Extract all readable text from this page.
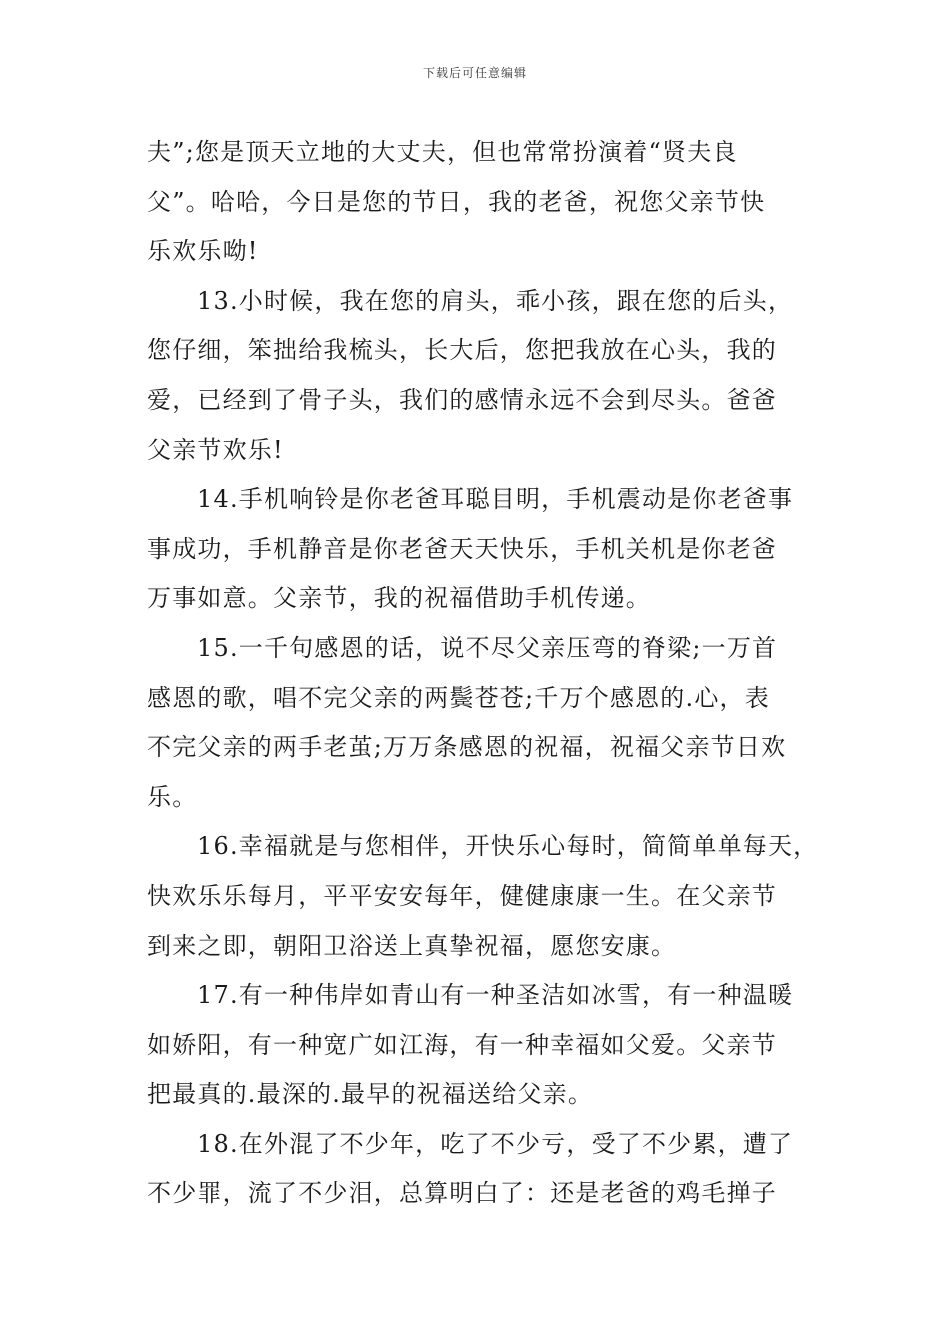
下载后可任意编辑
夫”;您是顶天立地的大丈夫，但也常常扮演着“贤夫良
父”。哈哈，今日是您的节日，我的老爸，祝您父亲节快
乐欢乐呦!
13.小时候，我在您的肩头，乖小孩，跟在您的后头，
您仔细，笨拙给我梳头，长大后，您把我放在心头，我的
爱，已经到了骨子头，我们的感情永远不会到尽头。爸爸
父亲节欢乐!
14.手机响铃是你老爸耳聪目明，手机震动是你老爸事
事成功，手机静音是你老爸天天快乐，手机关机是你老爸
万事如意。父亲节，我的祝福借助手机传递。
15.一千句感恩的话，说不尽父亲压弯的脊梁;一万首
感恩的歌，唱不完父亲的两鬓苍苍;千万个感恩的.心，表
不完父亲的两手老茧;万万条感恩的祝福，祝福父亲节日欢
乐。
16.幸福就是与您相伴，开快乐心每时，简简单单每天，
快欢乐乐每月，平平安安每年，健健康康一生。在父亲节
到来之即，朝阳卫浴送上真挚祝福，愿您安康。
17.有一种伟岸如青山有一种圣洁如冰雪，有一种温暖
如娇阳，有一种宽广如江海，有一种幸福如父爱。父亲节
把最真的.最深的.最早的祝福送给父亲。
18.在外混了不少年，吃了不少亏，受了不少累，遭了
不少罪，流了不少泪，总算明白了：还是老爸的鸡毛掸子
